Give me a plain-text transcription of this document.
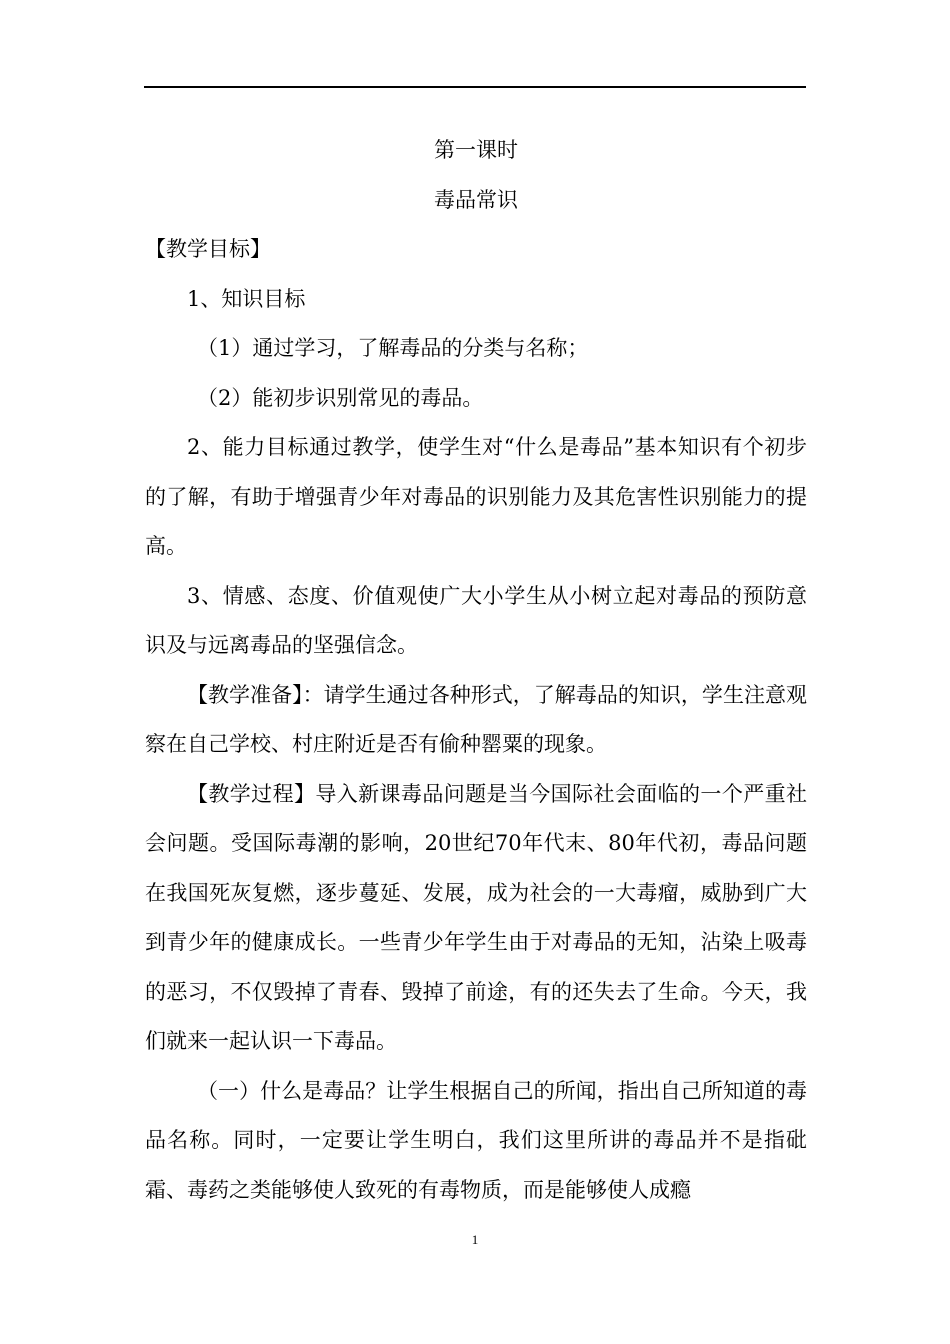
第一课时
毒品常识

【教学目标】

1、知识目标

（1）通过学习，了解毒品的分类与名称；

（2）能初步识别常见的毒品。

2、能力目标通过教学，使学生对“什么是毒品”基本知识有个初步的了解，有助于增强青少年对毒品的识别能力及其危害性识别能力的提高。

3、情感、态度、价值观使广大小学生从小树立起对毒品的预防意识及与远离毒品的坚强信念。

【教学准备】：请学生通过各种形式，了解毒品的知识，学生注意观察在自己学校、村庄附近是否有偷种罂粟的现象。

【教学过程】导入新课毒品问题是当今国际社会面临的一个严重社会问题。受国际毒潮的影响，20世纪70年代末、80年代初，毒品问题在我国死灰复燃，逐步蔓延、发展，成为社会的一大毒瘤，威胁到广大到青少年的健康成长。一些青少年学生由于对毒品的无知，沾染上吸毒的恶习，不仅毁掉了青春、毁掉了前途，有的还失去了生命。今天，我们就来一起认识一下毒品。

（一）什么是毒品？让学生根据自己的所闻，指出自己所知道的毒品名称。同时，一定要让学生明白，我们这里所讲的毒品并不是指砒霜、毒药之类能够使人致死的有毒物质，而是能够使人成瘾

1
